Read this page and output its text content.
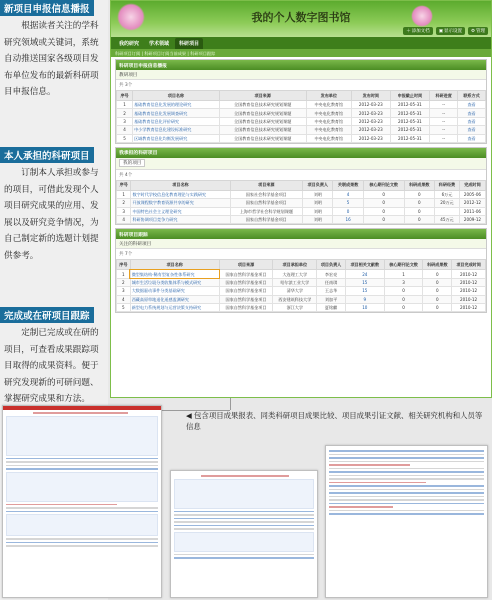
新项目申报信息播报
根据读者关注的学科研究领域或关键词，系统自动推送国家各级项目发布单位发布的最新科研项目申报信息。
本人承担的科研项目
订制本人承担或参与的项目，可借此发现个人项目研究成果的应用、发展以及研究竞争情况，为自己制定新的选题计划提供参考。
完成或在研项目跟踪
定制已完成或在研的项目，可查看成果跟踪项目取得的成果资料。便于研究发现新的可研问题、掌握研究成果和方法。
我的个人数字图书馆
＋ 添加文档 ▣ 显示设置 ⚙ 管理
我的研究	学术领域	科研项目
科研项目订阅 | 科研项目订阅当前成果 | 科研项目跟踪
科研项目申报信息播报
教研项目
共 3个
序号	项目名称	项目来源	发布单位	发布时间	申报截止时间	科研进度	联系方式
1	基础教育信息化发展的理论研究	全国教育信息技术研究规划课题	中央电化教育馆	2012-03-23	2012-05-31	--	查看
2	基础教育信息化发展调查研究	全国教育信息技术研究规划课题	中央电化教育馆	2012-03-23	2012-05-31	--	查看
3	基础教育信息化评价研究	全国教育信息技术研究规划课题	中央电化教育馆	2012-03-23	2012-05-31	--	查看
4	中小学教育信息化建设标准研究	全国教育信息技术研究规划课题	中央电化教育馆	2012-03-23	2012-05-31	--	查看
5	区域教育信息化均衡发展研究	全国教育信息技术研究规划课题	中央电化教育馆	2012-03-23	2012-05-31	--	查看
我承担的科研项目
我的项目
共 4个
序号	项目名称	项目来源	项目负责人	关联成果数	核心期刊论文数	科研成果数	科研经费	完成时间
1	数字时代学校信息化教育理论与实践研究	国家社会科学基金项目	刘明	4	0	0	6万元	2005-06
2	开放课程数字教育资源共享的研究	国家自然科学基金项目	刘明	5	0	0	20万元	2012-12
3	中国特色社会主义理论研究	上海市哲学社会科学规划课题	刘明	0	0	0		2011-06
4	科研协调项目竞争力研究	国家自然科学基金项目	刘明	16	0	0	45万元	2009-12
科研项目跟踪
关注的科研项目
共 7个
序号	项目名称	项目来源	项目承担单位	项目负责人	项目相关文献数	核心期刊论文数	科研成果数	项目完成时间
1	微型集结构-稀有型复杂性体系研究	国家自然科学基金项目	大连理工大学	李宏亮	24	1	0	2010-12
2	城市生活垃圾分类收集体系与模式研究	国家自然科学基金项目	哈尔滨工业大学	任南琪	15	3	0	2010-12
3	大数据驱动事件分类基础研究	国家自然科学基金项目	清华大学	王志华	15	0	0	2010-12
4	西藏高原草地退化遥感监测研究	国家自然科学基金项目	西安建筑科技大学	刘加平	9	0	0	2010-12
5	新型电力系统规划与运营决策支持研究	国家自然科学基金项目	浙江大学	夏铭麒	10	0	0	2010-12
◀ 包含项目成果报表、同类科研项目成果比较、项目成果引证文献、相关研究机构和人员等信息
